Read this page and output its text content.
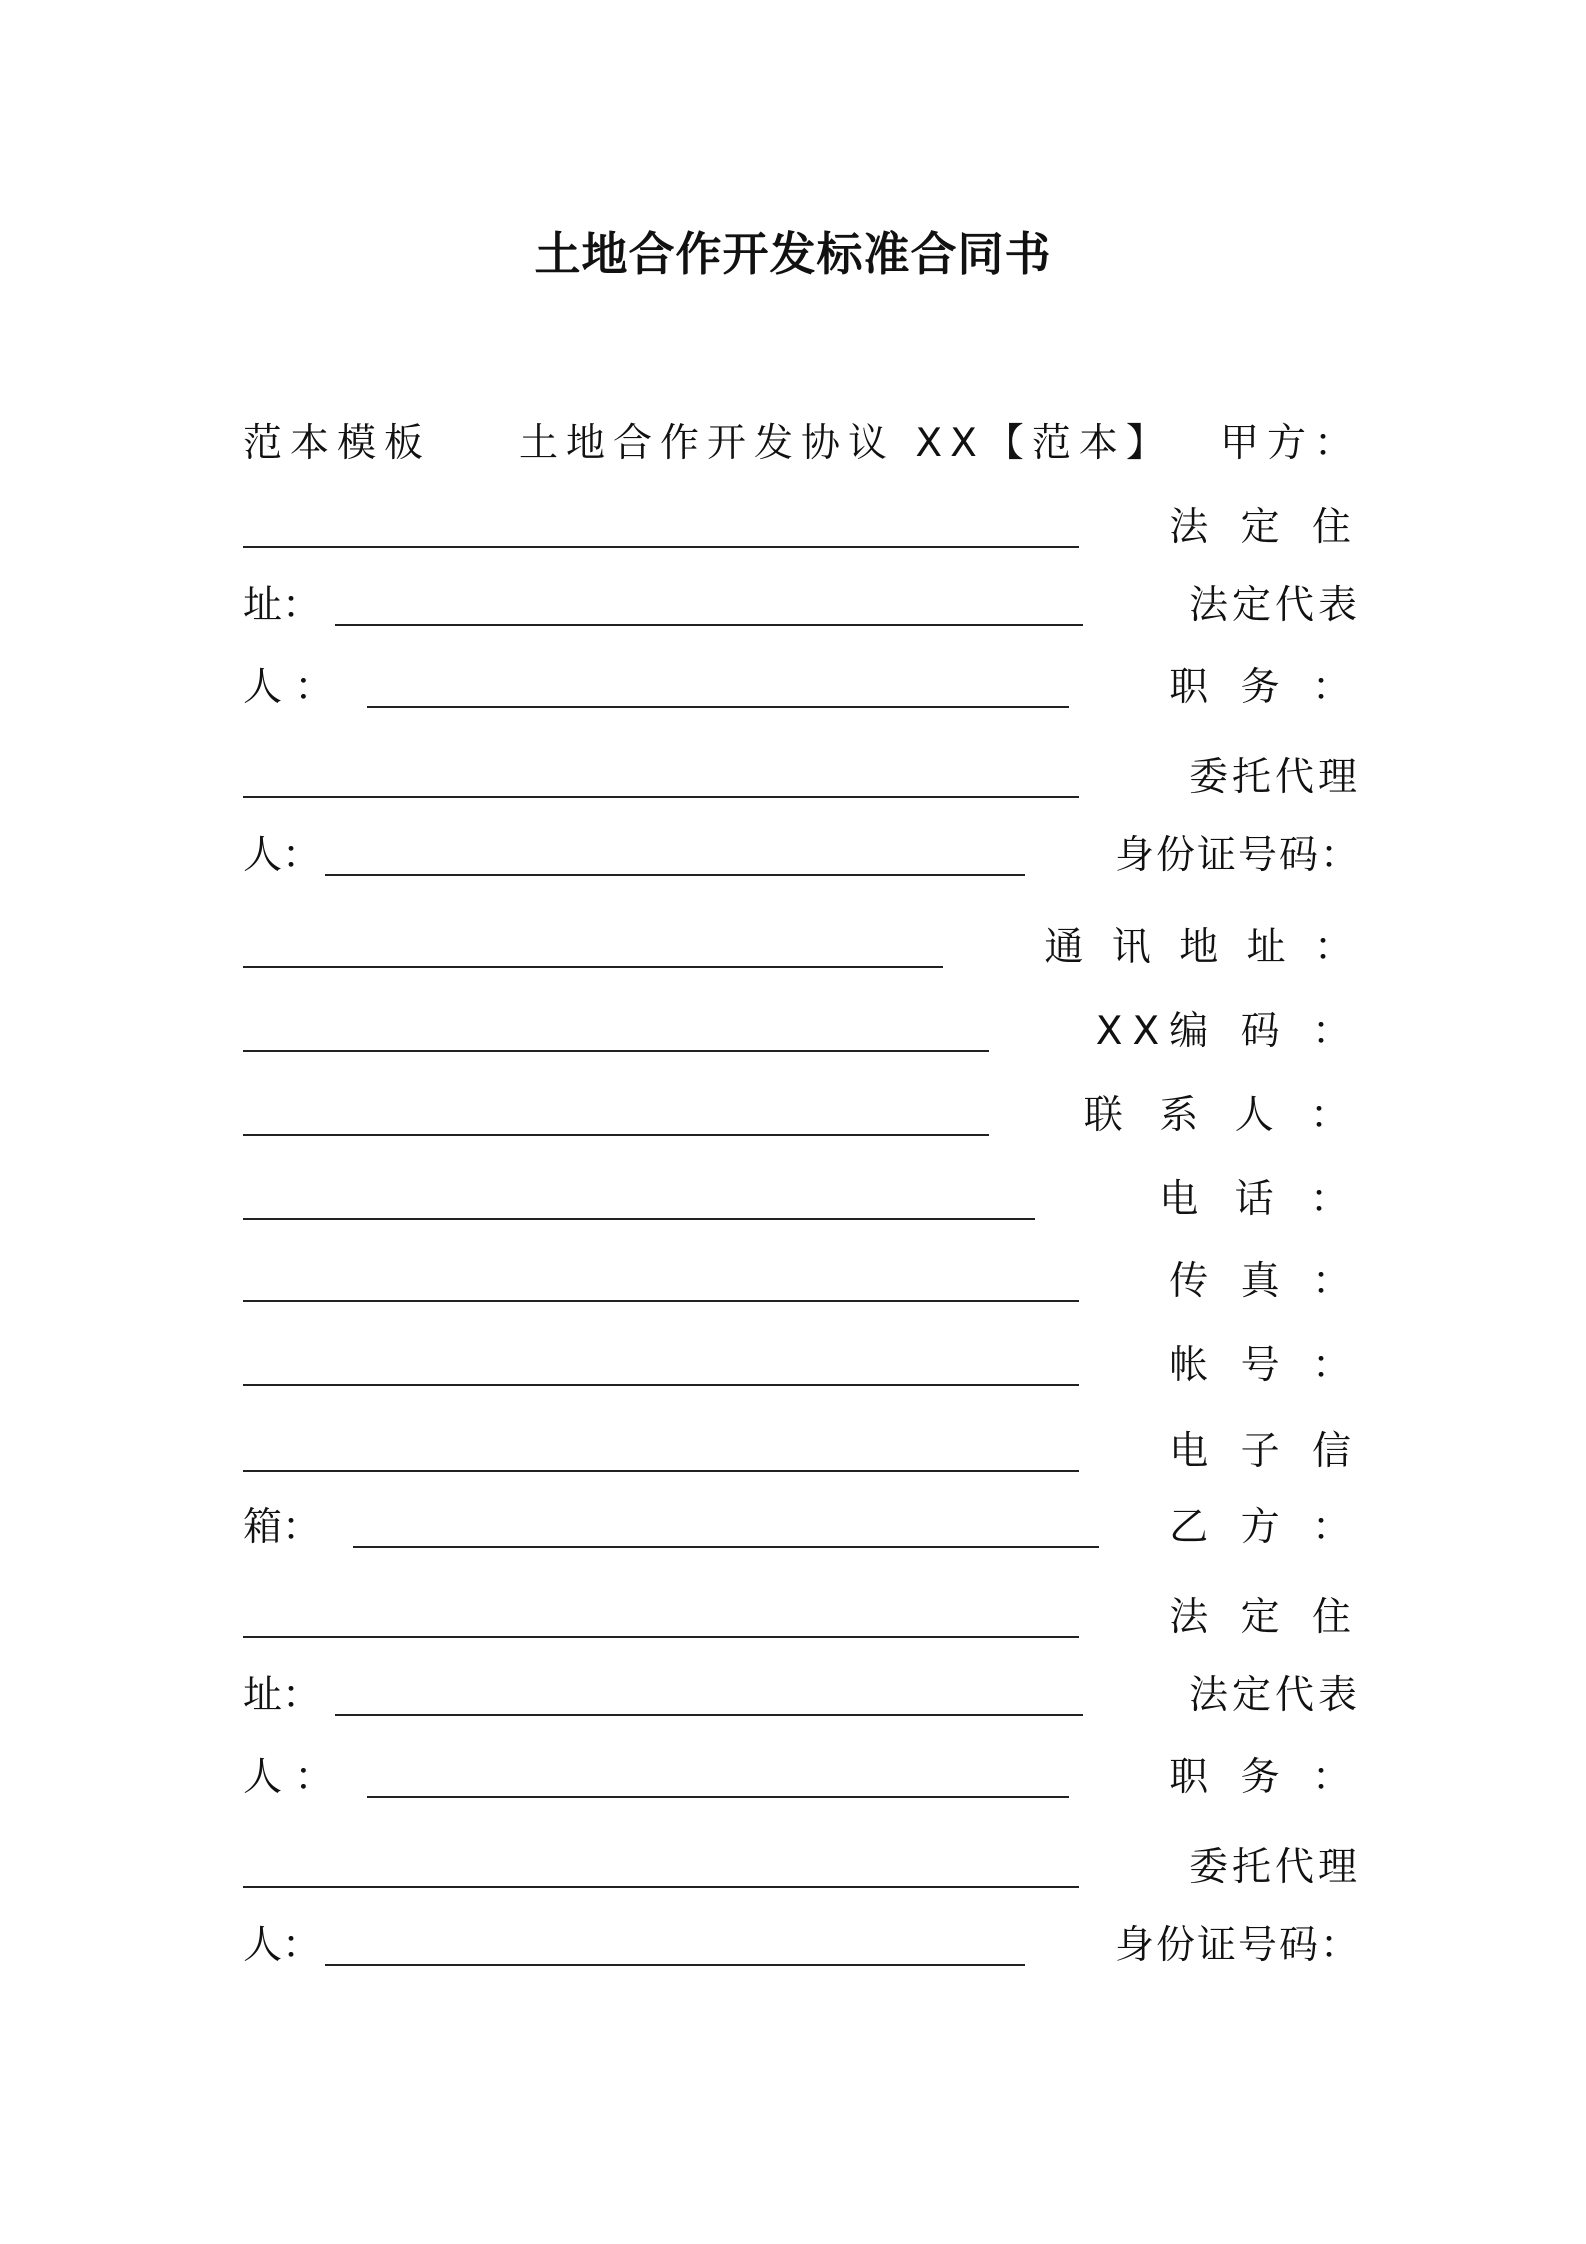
土地合作开发标准合同书
范本模板 土地合作开发协议 XX【范本】 甲方：
法 定 住
址：	法定代表
人 ：	职 务 ：
委托代理
人：	身份证号码：
通 讯 地 址 ：
XX编 码 ：
联 系 人 ：
电 话 ：
传 真 ：
帐 号 ：
电 子 信
箱：	乙 方 ：
法 定 住
址：	法定代表
人 ：	职 务 ：
委托代理
人：	身份证号码：
